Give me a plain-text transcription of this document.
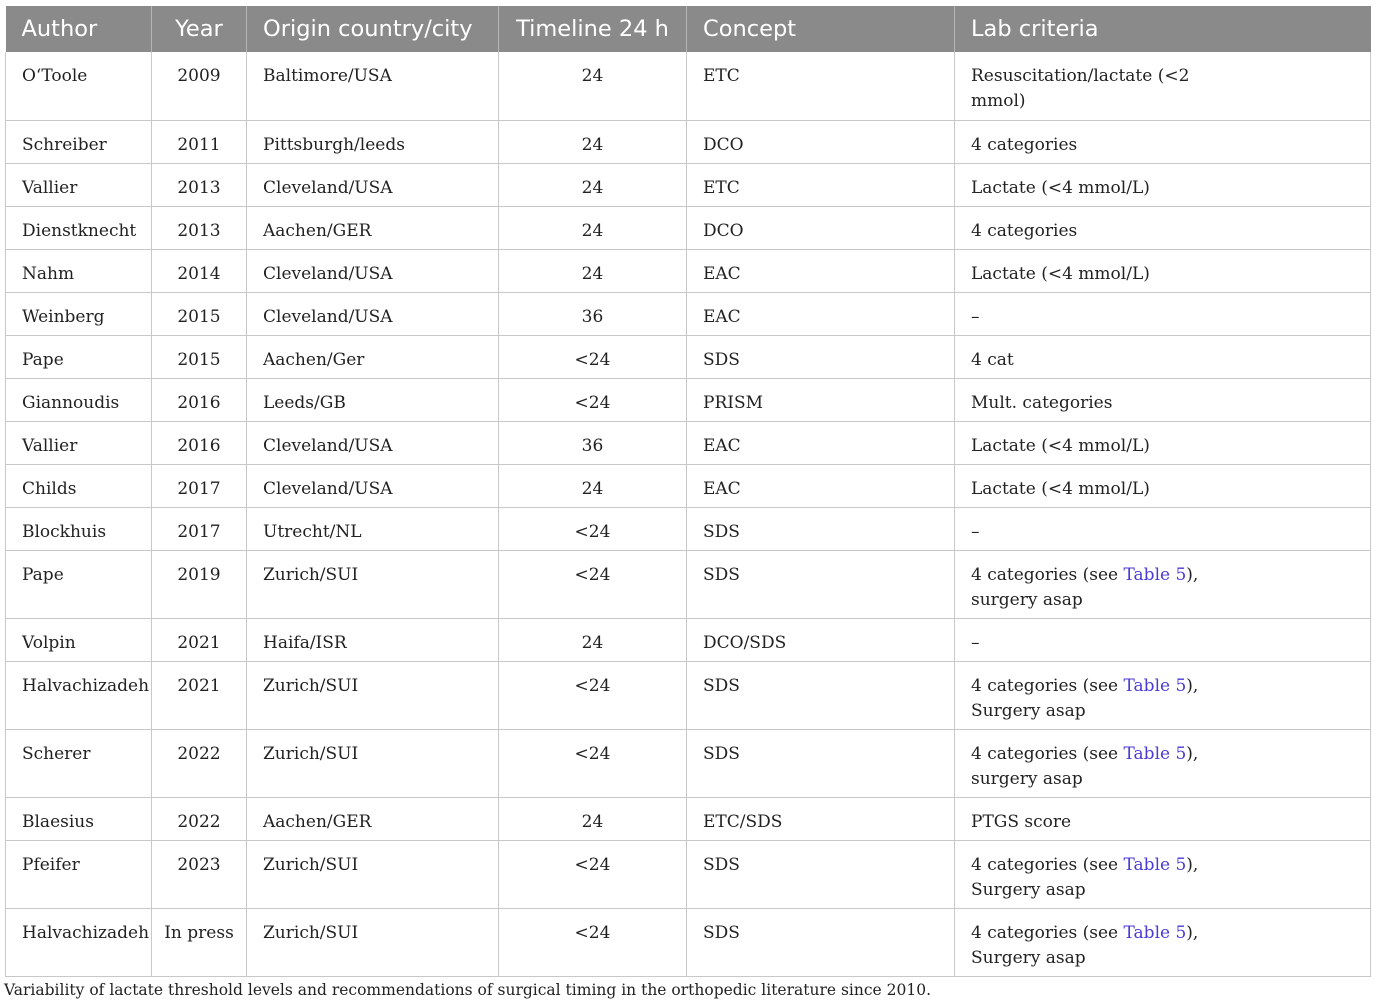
Author	Year	Origin country/city	Timeline 24 h	Concept	Lab criteria
O‘Toole	2009	Baltimore/USA	24	ETC	Resuscitation/lactate (<2
mmol)
Schreiber	2011	Pittsburgh/leeds	24	DCO	4 categories
Vallier	2013	Cleveland/USA	24	ETC	Lactate (<4 mmol/L)
Dienstknecht	2013	Aachen/GER	24	DCO	4 categories
Nahm	2014	Cleveland/USA	24	EAC	Lactate (<4 mmol/L)
Weinberg	2015	Cleveland/USA	36	EAC	–
Pape	2015	Aachen/Ger	<24	SDS	4 cat
Giannoudis	2016	Leeds/GB	<24	PRISM	Mult. categories
Vallier	2016	Cleveland/USA	36	EAC	Lactate (<4 mmol/L)
Childs	2017	Cleveland/USA	24	EAC	Lactate (<4 mmol/L)
Blockhuis	2017	Utrecht/NL	<24	SDS	–
Pape	2019	Zurich/SUI	<24	SDS	4 categories (see Table 5),
surgery asap
Volpin	2021	Haifa/ISR	24	DCO/SDS	–
Halvachizadeh	2021	Zurich/SUI	<24	SDS	4 categories (see Table 5),
Surgery asap
Scherer	2022	Zurich/SUI	<24	SDS	4 categories (see Table 5),
surgery asap
Blaesius	2022	Aachen/GER	24	ETC/SDS	PTGS score
Pfeifer	2023	Zurich/SUI	<24	SDS	4 categories (see Table 5),
Surgery asap
Halvachizadeh	In press	Zurich/SUI	<24	SDS	4 categories (see Table 5),
Surgery asap
Variability of lactate threshold levels and recommendations of surgical timing in the orthopedic literature since 2010.
